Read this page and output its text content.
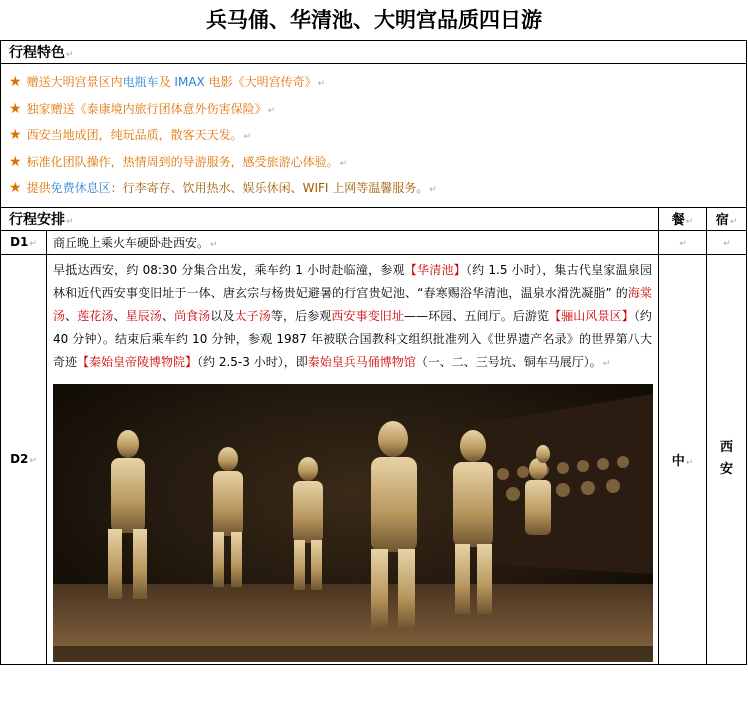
兵马俑、华清池、大明宫品质四日游
行程特色↵			

★ 赠送大明宫景区内电瓶车及 IMAX 电影《大明宫传奇》↵
★ 独家赠送《泰康境内旅行团体意外伤害保险》↵
★ 西安当地成团，纯玩品质，散客天天发。↵
★ 标准化团队操作，热情周到的导游服务，感受旅游心体验。↵
★ 提供免费休息区：行李寄存、饮用热水、娱乐休闲、WIFI 上网等温馨服务。↵			

行程安排↵		餐↵	宿↵
D1↵	商丘晚上乘火车硬卧赴西安。↵	↵	↵
D2↵	早抵达西安，约 08:30 分集合出发，乘车约 1 小时赴临潼，参观【华清池】（约 1.5 小时），集古代皇家温泉园林和近代西安事变旧址于一体、唐玄宗与杨贵妃避暑的行宫贵妃池、“春寒赐浴华清池，温泉水滑洗凝脂” 的海棠汤、莲花汤、星辰汤、尚食汤以及太子汤等，后参观西安事变旧址——环园、五间厅。后游览【骊山风景区】（约 40 分钟）。结束后乘车约 10 分钟，参观 1987 年被联合国教科文组织批准列入《世界遗产名录》的世界第八大奇迹【秦始皇帝陵博物院】（约 2.5-3 小时），即秦始皇兵马俑博物馆（一、二、三号坑、铜车马展厅）。↵	中↵	西安
